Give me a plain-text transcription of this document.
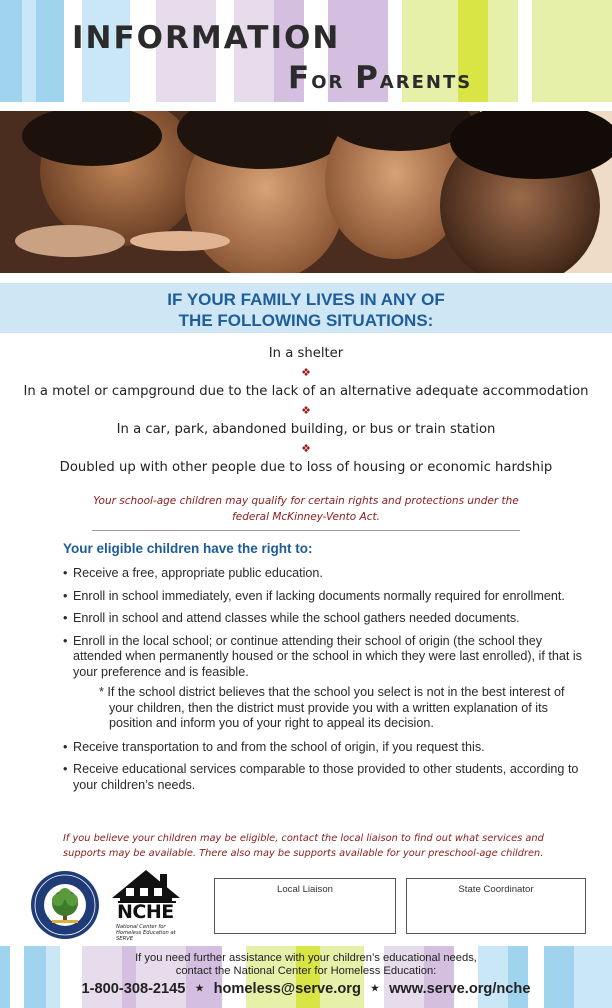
INFORMATION
For Parents
IF YOUR FAMILY LIVES IN ANY OF
THE FOLLOWING SITUATIONS:
In a shelter
❖
In a motel or campground due to the lack of an alternative adequate accommodation
❖
In a car, park, abandoned building, or bus or train station
❖
Doubled up with other people due to loss of housing or economic hardship
Your school-age children may qualify for certain rights and protections under the
federal McKinney-Vento Act.
Your eligible children have the right to:
• Receive a free, appropriate public education.
• Enroll in school immediately, even if lacking documents normally required for enrollment.
• Enroll in school and attend classes while the school gathers needed documents.
• Enroll in the local school; or continue attending their school of origin (the school they attended when permanently housed or the school in which they were last enrolled), if that is your preference and is feasible.
* If the school district believes that the school you select is not in the best interest of your children, then the district must provide you with a written explanation of its position and inform you of your right to appeal its decision.
• Receive transportation to and from the school of origin, if you request this.
• Receive educational services comparable to those provided to other students, according to your children’s needs.
If you believe your children may be eligible, contact the local liaison to find out what services and
supports may be available. There also may be supports available for your preschool-age children.
NCHE
National Center for Homeless Education at SERVE
Local Liaison	State Coordinator
If you need further assistance with your children’s educational needs,
contact the National Center for Homeless Education:
1-800-308-2145 ★ homeless@serve.org ★ www.serve.org/nche
